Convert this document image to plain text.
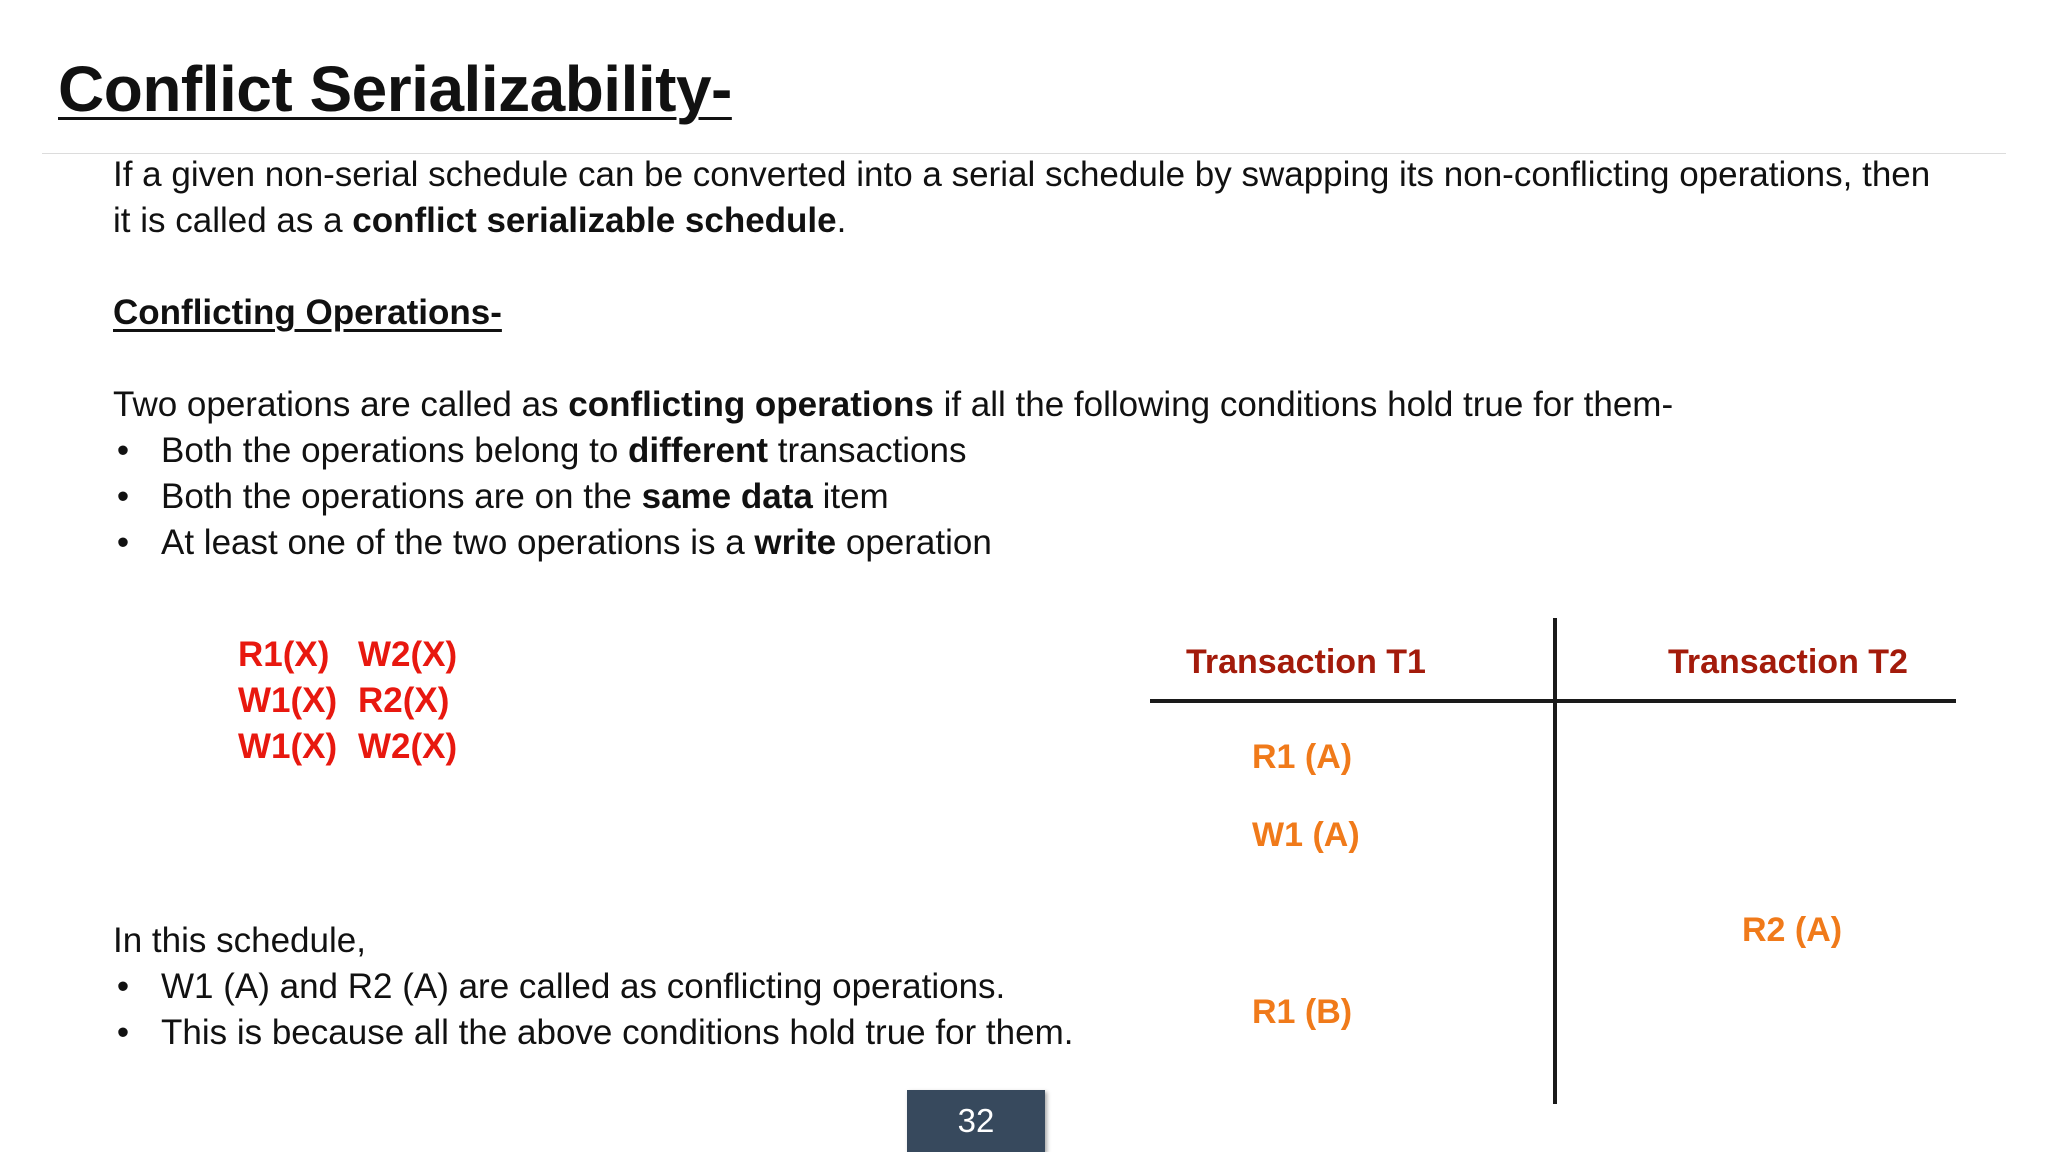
Conflict Serializability-
If a given non-serial schedule can be converted into a serial schedule by swapping its non-conflicting operations, then it is called as a conflict serializable schedule.
Conflicting Operations-
Two operations are called as conflicting operations if all the following conditions hold true for them-
• Both the operations belong to different transactions
• Both the operations are on the same data item
• At least one of the two operations is a write operation
R1(X) W2(X)
W1(X) R2(X)
W1(X) W2(X)
In this schedule,
• W1 (A) and R2 (A) are called as conflicting operations.
• This is because all the above conditions hold true for them.
Transaction T1	Transaction T2
R1 (A)
W1 (A)
R2 (A)
R1 (B)
32
